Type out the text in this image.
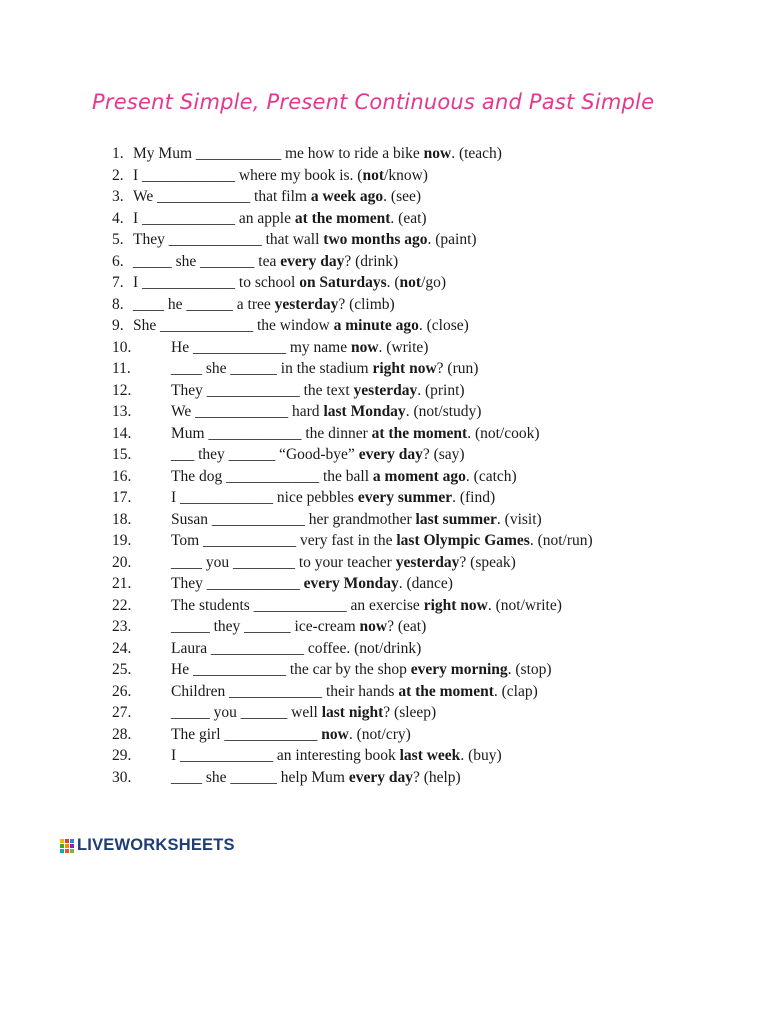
Present Simple, Present Continuous and Past Simple
1. My Mum ___________ me how to ride a bike now. (teach)
2. I ____________ where my book is. (not/know)
3. We ____________ that film a week ago. (see)
4. I ____________ an apple at the moment. (eat)
5. They ____________ that wall two months ago. (paint)
6. _____ she _______ tea every day? (drink)
7. I ____________ to school on Saturdays. (not/go)
8. ____ he ______ a tree yesterday? (climb)
9. She ____________ the window a minute ago. (close)
10.	He ____________ my name now. (write)
11.	____ she ______ in the stadium right now? (run)
12.	They ____________ the text yesterday. (print)
13.	We ____________ hard last Monday. (not/study)
14.	Mum ____________ the dinner at the moment. (not/cook)
15.	___ they ______ “Good-bye” every day? (say)
16.	The dog ____________ the ball a moment ago. (catch)
17.	I ____________ nice pebbles every summer. (find)
18.	Susan ____________ her grandmother last summer. (visit)
19.	Tom ____________ very fast in the last Olympic Games. (not/run)
20.	____ you ________ to your teacher yesterday? (speak)
21.	They ____________ every Monday. (dance)
22.	The students ____________ an exercise right now. (not/write)
23.	_____ they ______ ice-cream now? (eat)
24.	Laura ____________ coffee. (not/drink)
25.	He ____________ the car by the shop every morning. (stop)
26.	Children ____________ their hands at the moment. (clap)
27.	_____ you ______ well last night? (sleep)
28.	The girl ____________ now. (not/cry)
29.	I ____________ an interesting book last week. (buy)
30.	____ she ______ help Mum every day? (help)
LIVEWORKSHEETS
